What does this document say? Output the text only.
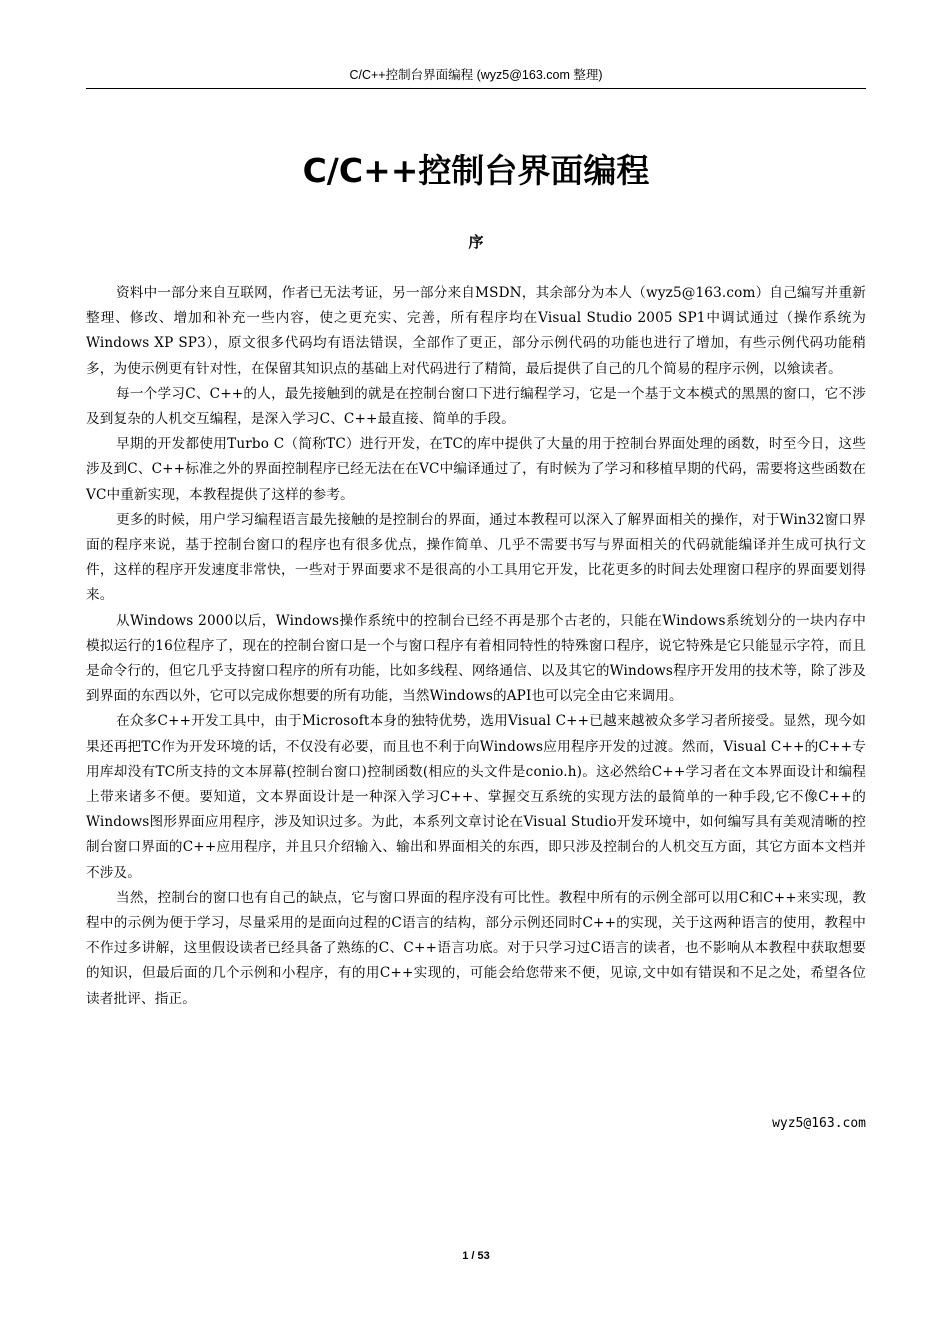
C/C++控制台界面编程 (wyz5@163.com 整理)
C/C++控制台界面编程
序

资料中一部分来自互联网，作者已无法考证，另一部分来自MSDN，其余部分为本人（wyz5@163.com）自己编写并重新整理、修改、增加和补充一些内容，使之更充实、完善，所有程序均在Visual Studio 2005 SP1中调试通过（操作系统为Windows XP SP3），原文很多代码均有语法错误，全部作了更正，部分示例代码的功能也进行了增加，有些示例代码功能稍多，为使示例更有针对性，在保留其知识点的基础上对代码进行了精简，最后提供了自己的几个简易的程序示例，以飨读者。

每一个学习C、C++的人，最先接触到的就是在控制台窗口下进行编程学习，它是一个基于文本模式的黑黑的窗口，它不涉及到复杂的人机交互编程，是深入学习C、C++最直接、简单的手段。

早期的开发都使用Turbo C（简称TC）进行开发，在TC的库中提供了大量的用于控制台界面处理的函数，时至今日，这些涉及到C、C++标准之外的界面控制程序已经无法在在VC中编译通过了，有时候为了学习和移植早期的代码，需要将这些函数在VC中重新实现，本教程提供了这样的参考。

更多的时候，用户学习编程语言最先接触的是控制台的界面，通过本教程可以深入了解界面相关的操作，对于Win32窗口界面的程序来说，基于控制台窗口的程序也有很多优点，操作简单、几乎不需要书写与界面相关的代码就能编译并生成可执行文件，这样的程序开发速度非常快，一些对于界面要求不是很高的小工具用它开发，比花更多的时间去处理窗口程序的界面要划得来。

从Windows 2000以后，Windows操作系统中的控制台已经不再是那个古老的，只能在Windows系统划分的一块内存中模拟运行的16位程序了，现在的控制台窗口是一个与窗口程序有着相同特性的特殊窗口程序，说它特殊是它只能显示字符，而且是命令行的，但它几乎支持窗口程序的所有功能，比如多线程、网络通信、以及其它的Windows程序开发用的技术等，除了涉及到界面的东西以外，它可以完成你想要的所有功能，当然Windows的API也可以完全由它来调用。

在众多C++开发工具中，由于Microsoft本身的独特优势，选用Visual C++已越来越被众多学习者所接受。显然，现今如果还再把TC作为开发环境的话，不仅没有必要，而且也不利于向Windows应用程序开发的过渡。然而，Visual C++的C++专用库却没有TC所支持的文本屏幕(控制台窗口)控制函数(相应的头文件是conio.h)。这必然给C++学习者在文本界面设计和编程上带来诸多不便。要知道，文本界面设计是一种深入学习C++、掌握交互系统的实现方法的最简单的一种手段,它不像C++的Windows图形界面应用程序，涉及知识过多。为此，本系列文章讨论在Visual Studio开发环境中，如何编写具有美观清晰的控制台窗口界面的C++应用程序，并且只介绍输入、输出和界面相关的东西，即只涉及控制台的人机交互方面，其它方面本文档并不涉及。

当然，控制台的窗口也有自己的缺点，它与窗口界面的程序没有可比性。教程中所有的示例全部可以用C和C++来实现，教程中的示例为便于学习，尽量采用的是面向过程的C语言的结构，部分示例还同时C++的实现，关于这两种语言的使用，教程中不作过多讲解，这里假设读者已经具备了熟练的C、C++语言功底。对于只学习过C语言的读者，也不影响从本教程中获取想要的知识，但最后面的几个示例和小程序，有的用C++实现的，可能会给您带来不便，见谅,文中如有错误和不足之处，希望各位读者批评、指正。

wyz5@163.com
1 / 53
